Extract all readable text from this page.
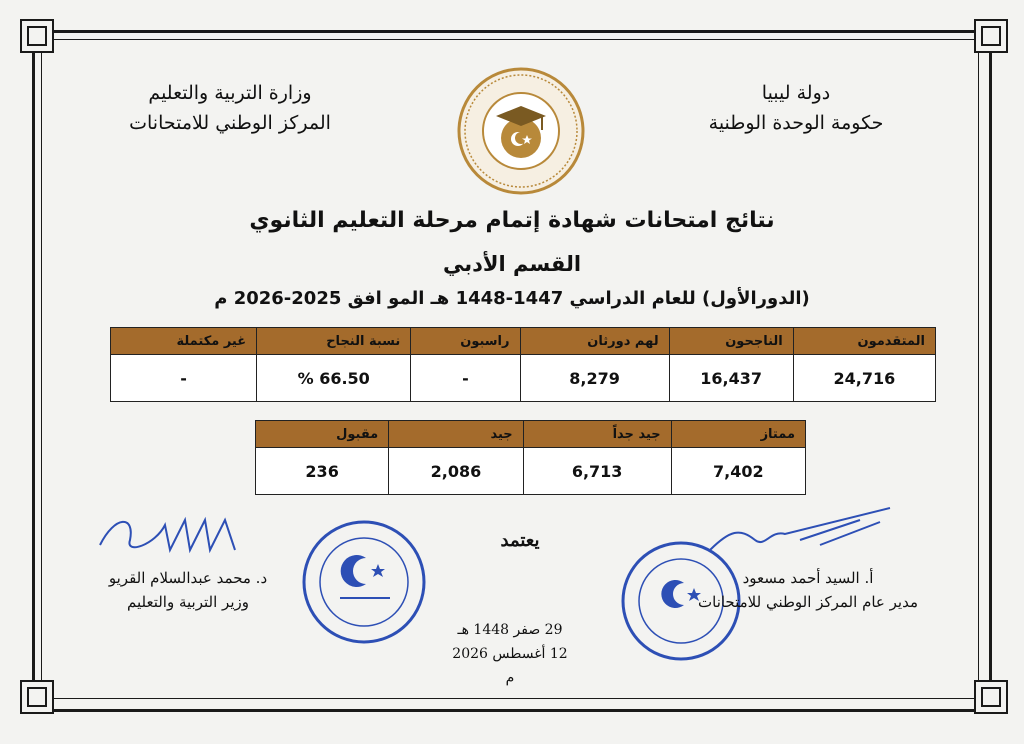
دولة ليبيا
حكومة الوحدة الوطنية
وزارة التربية والتعليم
المركز الوطني للامتحانات
نتائج امتحانات شهادة إتمام مرحلة التعليم الثانوي
القسم الأدبي
(الدورالأول) للعام الدراسي 1447-1448 هـ المو افق 2025-2026 م
المتقدمون	الناجحون	لهم دورثان	راسبون	نسبة النجاح	غير مكتملة
24,716	16,437	8,279	-	66.50 %	-
ممتاز	جيد جداً	جيد	مقبول
7,402	6,713	2,086	236
يعتمد
29 صفر 1448 هـ
12 أغسطس 2026 م
أ. السيد أحمد مسعود
مدير عام المركز الوطني للامتحانات
د. محمد عبدالسلام القريو
وزير التربية والتعليم
